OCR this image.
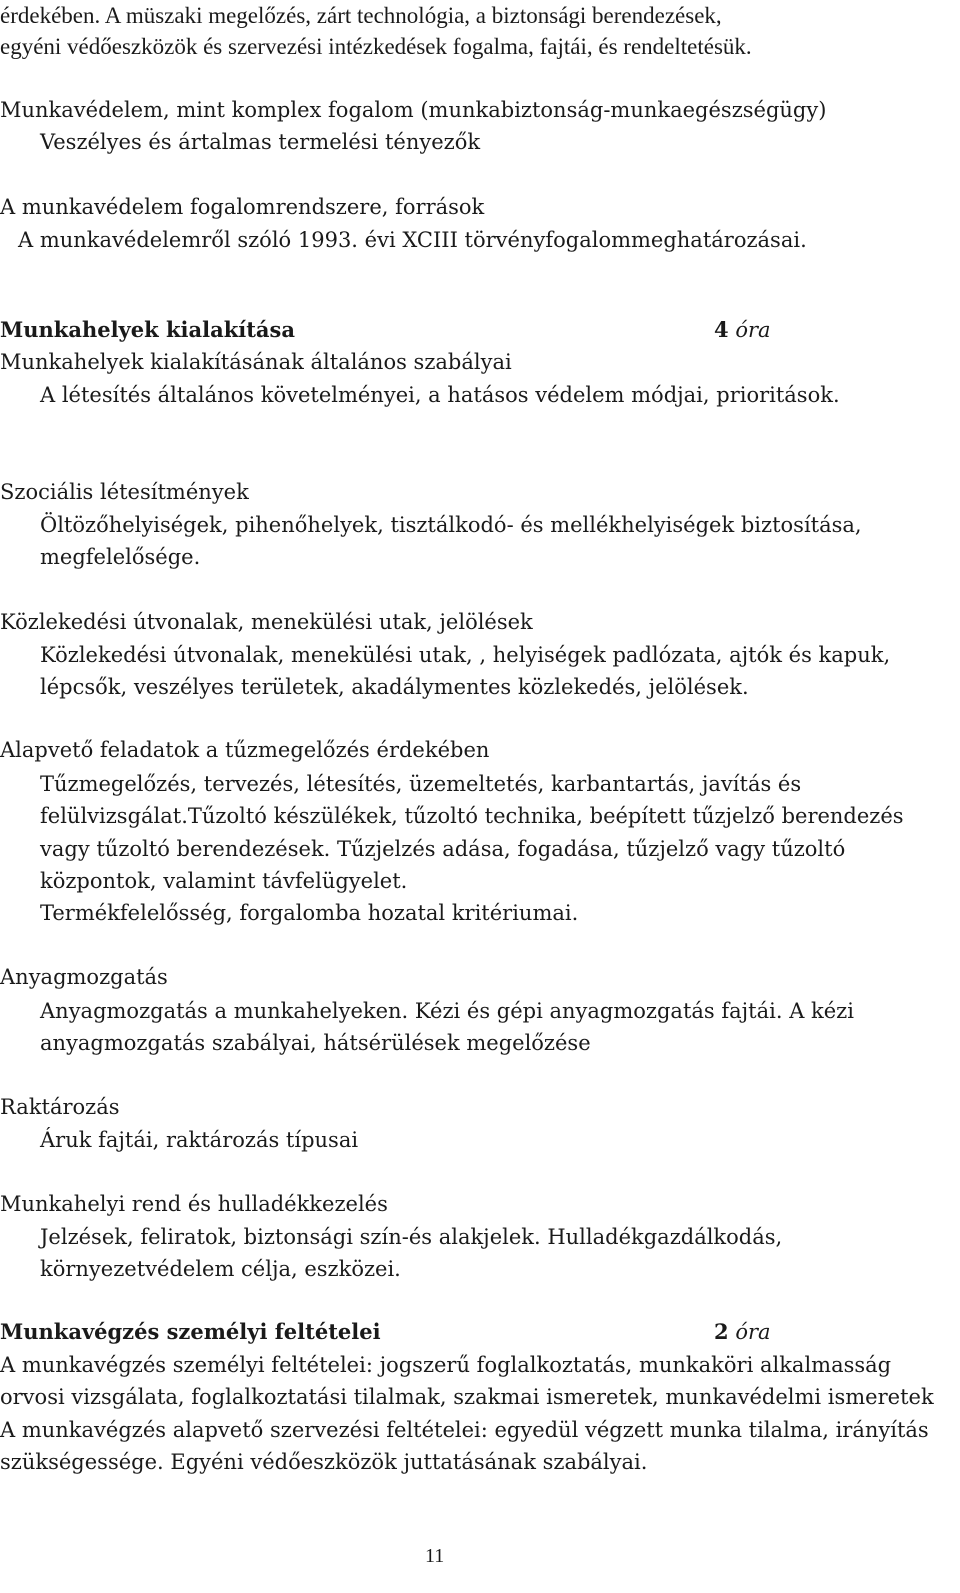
érdekében. A müszaki megelőzés, zárt technológia, a biztonsági berendezések,
egyéni védőeszközök és szervezési intézkedések fogalma, fajtái, és rendeltetésük.
Munkavédelem, mint komplex fogalom (munkabiztonság-munkaegészségügy)
Veszélyes és ártalmas termelési tényezők
A munkavédelem fogalomrendszere, források
A munkavédelemről szóló 1993. évi XCIII törvényfogalommeghatározásai.
Munkahelyek kialakítása	4 óra
Munkahelyek kialakításának általános szabályai
A létesítés általános követelményei, a hatásos védelem módjai, prioritások.
Szociális létesítmények
Öltözőhelyiségek, pihenőhelyek, tisztálkodó- és mellékhelyiségek biztosítása,
megfelelősége.
Közlekedési útvonalak, menekülési utak, jelölések
Közlekedési útvonalak, menekülési utak, , helyiségek padlózata, ajtók és kapuk,
lépcsők, veszélyes területek, akadálymentes közlekedés, jelölések.
Alapvető feladatok a tűzmegelőzés érdekében
Tűzmegelőzés, tervezés, létesítés, üzemeltetés, karbantartás, javítás és
felülvizsgálat.Tűzoltó készülékek, tűzoltó technika, beépített tűzjelző berendezés
vagy tűzoltó berendezések. Tűzjelzés adása, fogadása, tűzjelző vagy tűzoltó
központok, valamint távfelügyelet.
Termékfelelősség, forgalomba hozatal kritériumai.
Anyagmozgatás
Anyagmozgatás a munkahelyeken. Kézi és gépi anyagmozgatás fajtái. A kézi
anyagmozgatás szabályai, hátsérülések megelőzése
Raktározás
Áruk fajtái, raktározás típusai
Munkahelyi rend és hulladékkezelés
Jelzések, feliratok, biztonsági szín-és alakjelek. Hulladékgazdálkodás,
környezetvédelem célja, eszközei.
Munkavégzés személyi feltételei	2 óra
A munkavégzés személyi feltételei: jogszerű foglalkoztatás, munkaköri alkalmasság
orvosi vizsgálata, foglalkoztatási tilalmak, szakmai ismeretek, munkavédelmi ismeretek
A munkavégzés alapvető szervezési feltételei: egyedül végzett munka tilalma, irányítás
szükségessége. Egyéni védőeszközök juttatásának szabályai.
11
